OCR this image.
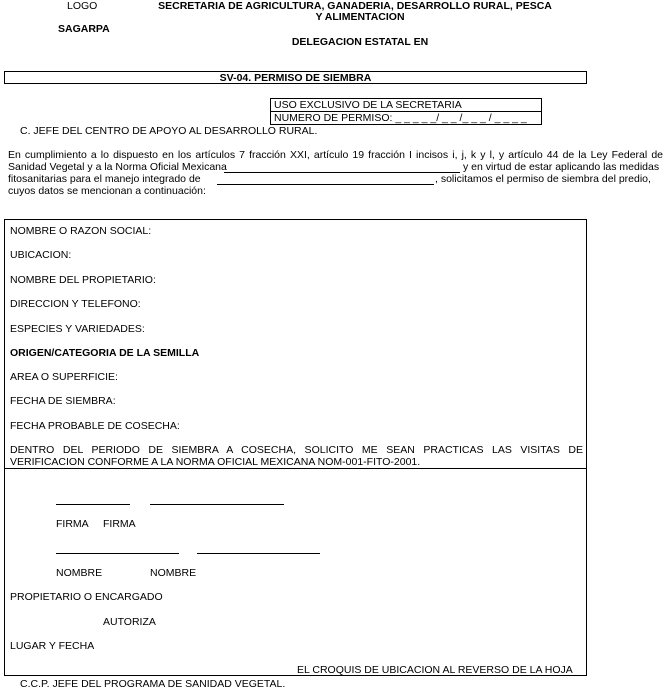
LOGO
SAGARPA
SECRETARIA DE AGRICULTURA, GANADERIA, DESARROLLO RURAL, PESCA
Y ALIMENTACION
DELEGACION ESTATAL EN
SV-04. PERMISO DE SIEMBRA
USO EXCLUSIVO DE LA SECRETARIA
NUMERO DE PERMISO: _ _ _ _ _/ _ _ /_ _ _ / _ _ _ _
C. JEFE DEL CENTRO DE APOYO AL DESARROLLO RURAL.
En cumplimiento a lo dispuesto en los artículos 7 fracción XXI, artículo 19 fracción I incisos i, j, k y l, y artículo 44 de la Ley Federal de
Sanidad Vegetal y a la Norma Oficial Mexicana	y en virtud de estar aplicando las medidas
fitosanitarias para el manejo integrado de	, solicitamos el permiso de siembra del predio,
cuyos datos se mencionan a continuación:
NOMBRE O RAZON SOCIAL:
UBICACION:
NOMBRE DEL PROPIETARIO:
DIRECCION Y TELEFONO:
ESPECIES Y VARIEDADES:
ORIGEN/CATEGORIA DE LA SEMILLA
AREA O SUPERFICIE:
FECHA DE SIEMBRA:
FECHA PROBABLE DE COSECHA:
DENTRO DEL PERIODO DE SIEMBRA A COSECHA, SOLICITO ME SEAN PRACTICAS LAS VISITAS DE
VERIFICACION CONFORME A LA NORMA OFICIAL MEXICANA NOM-001-FITO-2001.
FIRMA FIRMA
NOMBRE	NOMBRE
PROPIETARIO O ENCARGADO
AUTORIZA
LUGAR Y FECHA
EL CROQUIS DE UBICACION AL REVERSO DE LA HOJA
C.C.P. JEFE DEL PROGRAMA DE SANIDAD VEGETAL.
